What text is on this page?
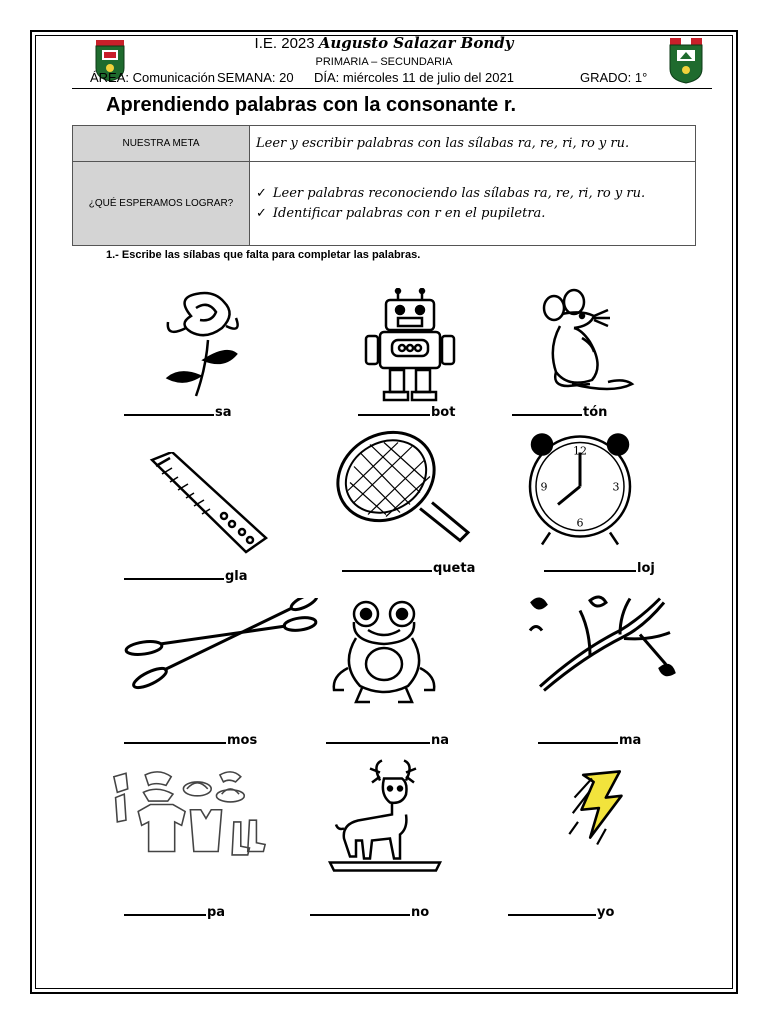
I.E. 2023 Augusto Salazar Bondy
PRIMARIA – SECUNDARIA
ÁREA: Comunicación SEMANA: 20 DÍA: miércoles 11 de julio del 2021	GRADO: 1°
Aprendiendo palabras con la consonante r.
NUESTRA META	Leer y escribir palabras con las sílabas ra, re, ri, ro y ru.
¿QUÉ ESPERAMOS LOGRAR?	✓ Leer palabras reconociendo las sílabas ra, re, ri, ro y ru.
✓ Identificar palabras con r en el pupiletra.
1.- Escribe las sílabas que falta para completar las palabras.
sa	bot	tón
gla
queta
12
3
6
9
loj
mos	na	ma
pa	no	yo
